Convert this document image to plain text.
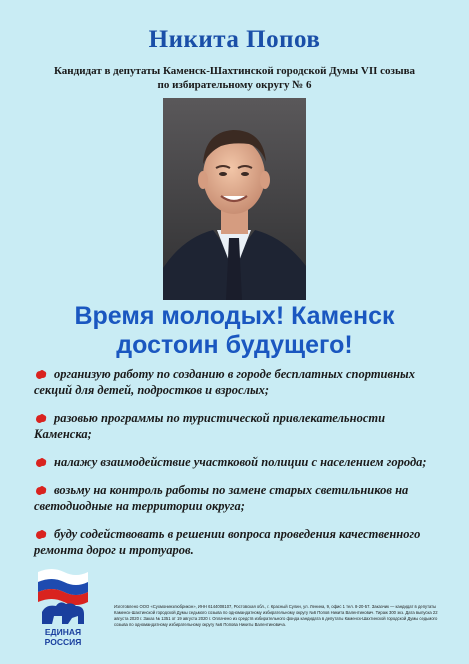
Никита Попов
Кандидат в депутаты Каменск-Шахтинской городской Думы VII созыва
по избирательному округу № 6
Время молодых! Каменск
достоин будущего!
организую работу по созданию в городе бесплатных спортивных секций для детей, подростков и взрослых;
разовью программы по туристической привлекательности Каменска;
налажу взаимодействие участковой полиции с населением города;
возьму на контроль работы по замене старых светильников на светодиодные на территории округа;
буду содействовать в решении вопроса проведения качественного ремонта дорог и тротуаров.
ЕДИНАЯ
РОССИЯ
Изготовлено ООО «Сухмонинзлюбрикон», ИНН 6144008107, Ростовская обл., г. Красный Сулин, ул. Ленина, 9, офис 1 тел. 8-20-57. Заказчик — кандидат в депутаты Каменск-Шахтинской городской Думы седьмого созыва по одномандатному избирательному округу №6 Попов Никита Валентинович. Тираж 300 экз. Дата выпуска 22 августа 2020 г. Заказ № 1351 от 19 августа 2020 г. Оплачено из средств избирательного фонда кандидата в депутаты Каменск-Шахтинской городской Думы седьмого созыва по одномандатному избирательному округу №6 Попова Никиты Валентиновича.
